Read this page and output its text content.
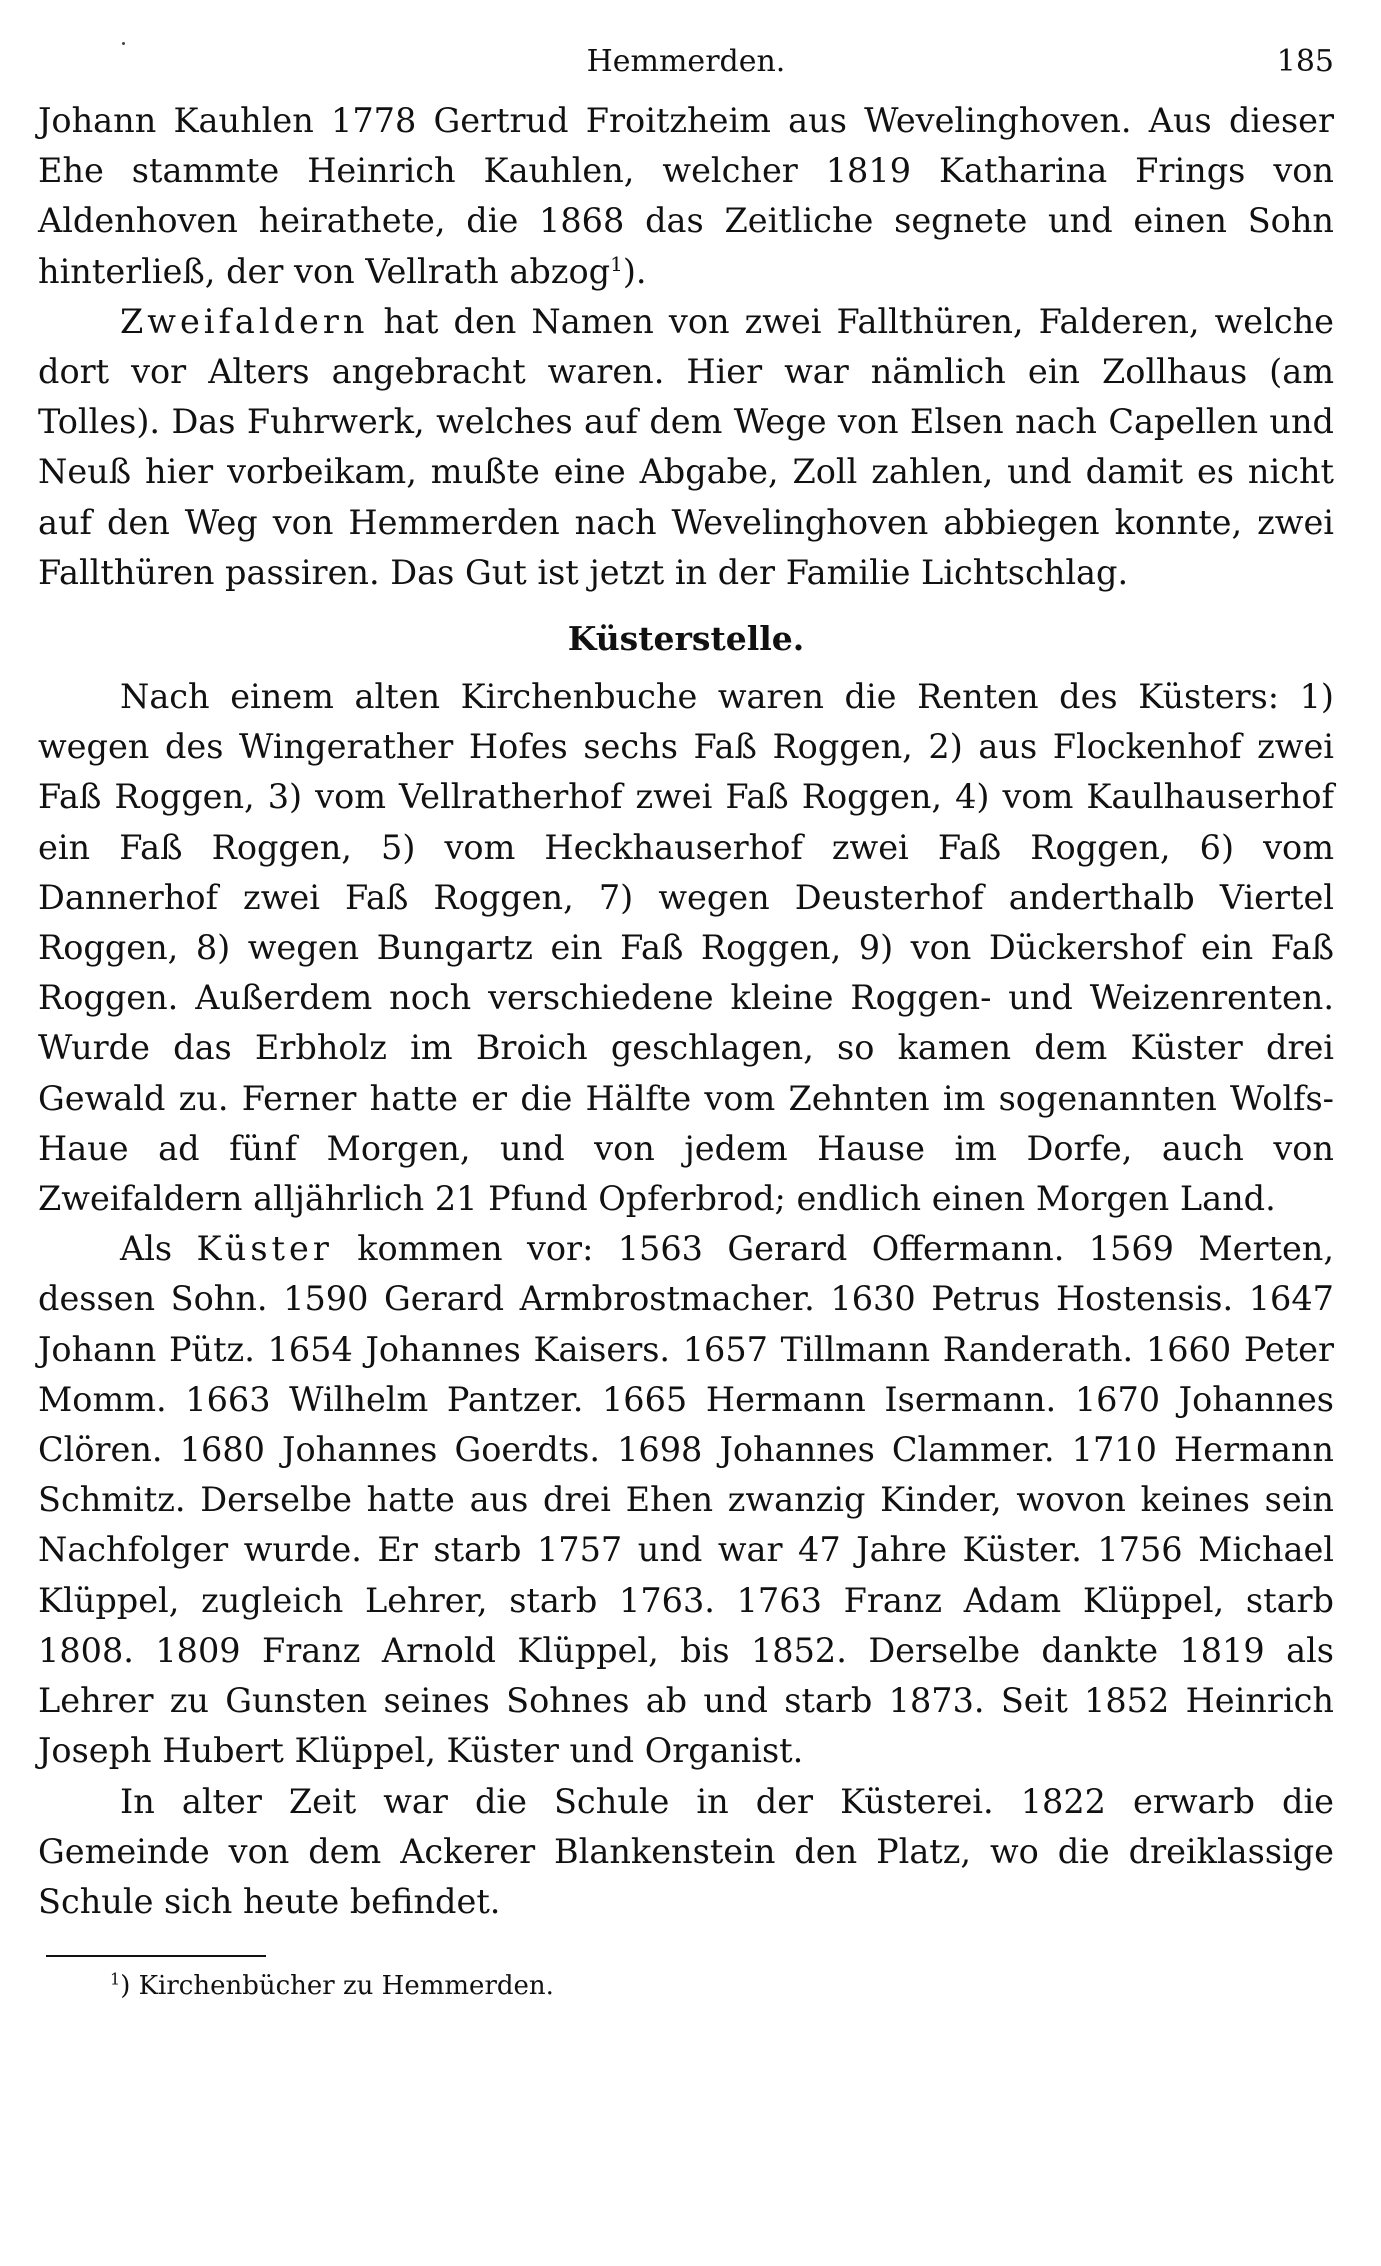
Hemmerden.	185

Johann Kauhlen 1778 Gertrud Froitzheim aus Wevelinghoven. Aus dieser Ehe stammte Heinrich Kauhlen, welcher 1819 Katharina Frings von Aldenhoven heirathete, die 1868 das Zeitliche segnete und einen Sohn hinterließ, der von Vellrath abzog$^1$).

Zweifaldern hat den Namen von zwei Fallthüren, Falderen, welche dort vor Alters angebracht waren. Hier war nämlich ein Zollhaus (am Tolles). Das Fuhrwerk, welches auf dem Wege von Elsen nach Capellen und Neuß hier vorbeikam, mußte eine Abgabe, Zoll zahlen, und damit es nicht auf den Weg von Hemmerden nach Wevelinghoven abbiegen konnte, zwei Fallthüren passiren. Das Gut ist jetzt in der Familie Lichtschlag.

Küsterstelle.

Nach einem alten Kirchenbuche waren die Renten des Küsters: 1) wegen des Wingerather Hofes sechs Faß Roggen, 2) aus Flockenhof zwei Faß Roggen, 3) vom Vellratherhof zwei Faß Roggen, 4) vom Kaulhauserhof ein Faß Roggen, 5) vom Heckhauserhof zwei Faß Roggen, 6) vom Dannerhof zwei Faß Roggen, 7) wegen Deusterhof anderthalb Viertel Roggen, 8) wegen Bungartz ein Faß Roggen, 9) von Dückershof ein Faß Roggen. Außerdem noch verschiedene kleine Roggen- und Weizenrenten. Wurde das Erbholz im Broich geschlagen, so kamen dem Küster drei Gewald zu. Ferner hatte er die Hälfte vom Zehnten im sogenannten Wolfs-Haue ad fünf Morgen, und von jedem Hause im Dorfe, auch von Zweifaldern alljährlich 21 Pfund Opferbrod; endlich einen Morgen Land.

Als Küster kommen vor: 1563 Gerard Offermann. 1569 Merten, dessen Sohn. 1590 Gerard Armbrostmacher. 1630 Petrus Hostensis. 1647 Johann Pütz. 1654 Johannes Kaisers. 1657 Tillmann Randerath. 1660 Peter Momm. 1663 Wilhelm Pantzer. 1665 Hermann Isermann. 1670 Johannes Clören. 1680 Johannes Goerdts. 1698 Johannes Clammer. 1710 Hermann Schmitz. Derselbe hatte aus drei Ehen zwanzig Kinder, wovon keines sein Nachfolger wurde. Er starb 1757 und war 47 Jahre Küster. 1756 Michael Klüppel, zugleich Lehrer, starb 1763. 1763 Franz Adam Klüppel, starb 1808. 1809 Franz Arnold Klüppel, bis 1852. Derselbe dankte 1819 als Lehrer zu Gunsten seines Sohnes ab und starb 1873. Seit 1852 Heinrich Joseph Hubert Klüppel, Küster und Organist.

In alter Zeit war die Schule in der Küsterei. 1822 erwarb die Gemeinde von dem Ackerer Blankenstein den Platz, wo die dreiklassige Schule sich heute befindet.

$^1$) Kirchenbücher zu Hemmerden.
